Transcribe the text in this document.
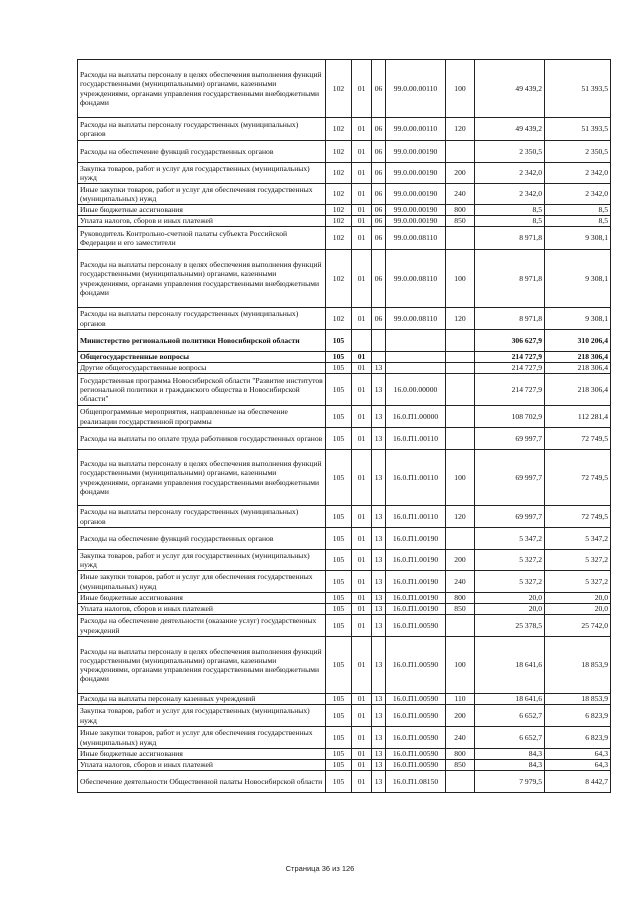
Расходы на выплаты персоналу в целях обеспечения выполнения функций государственными (муниципальными) органами, казенными учреждениями, органами управления государственными внебюджетными фондами	102	01	06	99.0.00.00110	100	49 439,2	51 393,5
Расходы на выплаты персоналу государственных (муниципальных) органов	102	01	06	99.0.00.00110	120	49 439,2	51 393,5
Расходы на обеспечение функций государственных органов	102	01	06	99.0.00.00190		2 350,5	2 350,5
Закупка товаров, работ и услуг для государственных (муниципальных) нужд	102	01	06	99.0.00.00190	200	2 342,0	2 342,0
Иные закупки товаров, работ и услуг для обеспечения государственных (муниципальных) нужд	102	01	06	99.0.00.00190	240	2 342,0	2 342,0
Иные бюджетные ассигнования	102	01	06	99.0.00.00190	800	8,5	8,5
Уплата налогов, сборов и иных платежей	102	01	06	99.0.00.00190	850	8,5	8,5
Руководитель Контрольно-счетной палаты субъекта Российской Федерации и его заместители	102	01	06	99.0.00.08110		8 971,8	9 308,1
Расходы на выплаты персоналу в целях обеспечения выполнения функций государственными (муниципальными) органами, казенными учреждениями, органами управления государственными внебюджетными фондами	102	01	06	99.0.00.08110	100	8 971,8	9 308,1
Расходы на выплаты персоналу государственных (муниципальных) органов	102	01	06	99.0.00.08110	120	8 971,8	9 308,1
Министерство региональной политики Новосибирской области	105					306 627,9	310 206,4
Общегосударственные вопросы	105	01				214 727,9	218 306,4
Другие общегосударственные вопросы	105	01	13			214 727,9	218 306,4
Государственная программа Новосибирской области "Развитие институтов региональной политики и гражданского общества в Новосибирской области"	105	01	13	16.0.00.00000		214 727,9	218 306,4
Общепрограммные мероприятия, направленные на обеспечение реализации государственной программы	105	01	13	16.0.П1.00000		108 702,9	112 281,4
Расходы на выплаты по оплате труда работников государственных органов	105	01	13	16.0.П1.00110		69 997,7	72 749,5
Расходы на выплаты персоналу в целях обеспечения выполнения функций государственными (муниципальными) органами, казенными учреждениями, органами управления государственными внебюджетными фондами	105	01	13	16.0.П1.00110	100	69 997,7	72 749,5
Расходы на выплаты персоналу государственных (муниципальных) органов	105	01	13	16.0.П1.00110	120	69 997,7	72 749,5
Расходы на обеспечение функций государственных органов	105	01	13	16.0.П1.00190		5 347,2	5 347,2
Закупка товаров, работ и услуг для государственных (муниципальных) нужд	105	01	13	16.0.П1.00190	200	5 327,2	5 327,2
Иные закупки товаров, работ и услуг для обеспечения государственных (муниципальных) нужд	105	01	13	16.0.П1.00190	240	5 327,2	5 327,2
Иные бюджетные ассигнования	105	01	13	16.0.П1.00190	800	20,0	20,0
Уплата налогов, сборов и иных платежей	105	01	13	16.0.П1.00190	850	20,0	20,0
Расходы на обеспечение деятельности (оказание услуг) государственных учреждений	105	01	13	16.0.П1.00590		25 378,5	25 742,0
Расходы на выплаты персоналу в целях обеспечения выполнения функций государственными (муниципальными) органами, казенными учреждениями, органами управления государственными внебюджетными фондами	105	01	13	16.0.П1.00590	100	18 641,6	18 853,9
Расходы на выплаты персоналу казенных учреждений	105	01	13	16.0.П1.00590	110	18 641,6	18 853,9
Закупка товаров, работ и услуг для государственных (муниципальных) нужд	105	01	13	16.0.П1.00590	200	6 652,7	6 823,9
Иные закупки товаров, работ и услуг для обеспечения государственных (муниципальных) нужд	105	01	13	16.0.П1.00590	240	6 652,7	6 823,9
Иные бюджетные ассигнования	105	01	13	16.0.П1.00590	800	84,3	64,3
Уплата налогов, сборов и иных платежей	105	01	13	16.0.П1.00590	850	84,3	64,3
Обеспечение деятельности Общественной палаты Новосибирской области	105	01	13	16.0.П1.08150		7 979,5	8 442,7
Страница 36 из 126
